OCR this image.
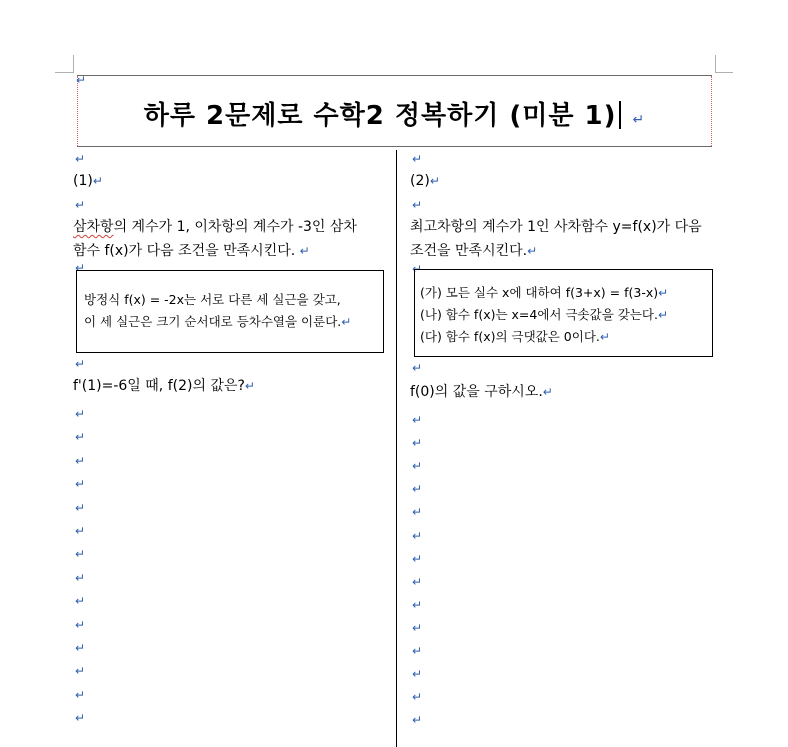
하루 2문제로 수학2 정복하기 (미분 1) ↵
↵
↵
(1)↵
↵
삼차항의 계수가 1, 이차항의 계수가 -3인 삼차
함수 f(x)가 다음 조건을 만족시킨다. ↵
↵
방정식 f(x) = -2x는 서로 다른 세 실근을 갖고,
이 세 실근은 크기 순서대로 등차수열을 이룬다.↵
↵
f'(1)=-6일 때, f(2)의 값은?↵
↵
(2)↵
↵
최고차항의 계수가 1인 사차함수 y=f(x)가 다음
조건을 만족시킨다.↵
↵
(가) 모든 실수 x에 대하여 f(3+x) = f(3-x)↵
(나) 함수 f(x)는 x=4에서 극솟값을 갖는다.↵
(다) 함수 f(x)의 극댓값은 0이다.↵
↵
f(0)의 값을 구하시오.↵
↵
↵
↵
↵
↵
↵
↵
↵
↵
↵
↵
↵
↵
↵
↵
↵
↵
↵
↵
↵
↵
↵
↵
↵
↵
↵
↵
↵
